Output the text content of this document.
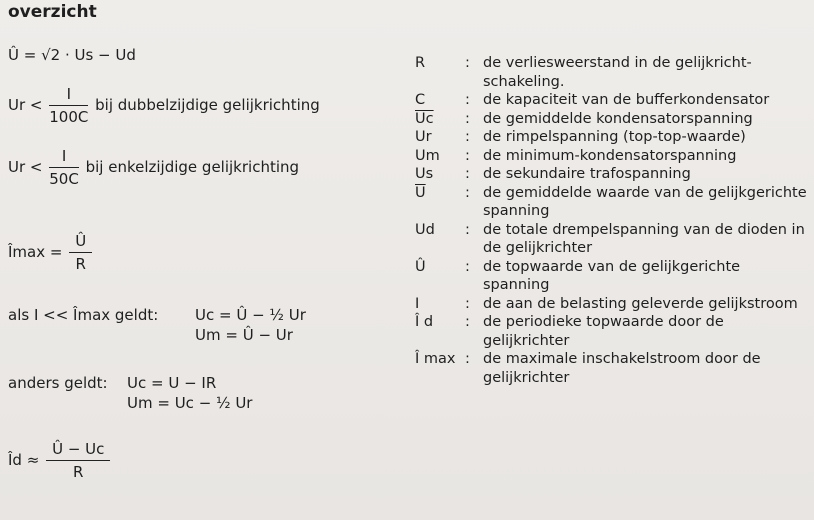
overzicht
Û = √2 · Us − Ud
$Ur < \frac{I}{100C}$ bij dubbelzijdige gelijkrichting
$Ur < \frac{I}{50C}$ bij enkelzijdige gelijkrichting
Îmax = $\frac{Û}{R}$
als I << Îmax geldt: Uc = Û − ½ Ur
Um = Û − Ur
anders geldt: Uc = U − IR
Um = Uc − ½ Ur
Îd ≈ $\frac{Û - Uc}{R}$
R	: de verliesweerstand in de gelijkricht-schakeling.
C	: de kapaciteit van de bufferkondensator
$\overline{Uc}$	: de gemiddelde kondensatorspanning
Ur	: de rimpelspanning (top-top-waarde)
Um	: de minimum-kondensatorspanning
Us	: de sekundaire trafospanning
$\overline{U}$	: de gemiddelde waarde van de gelijkgerichte spanning
Ud	: de totale drempelspanning van de dioden in de gelijkrichter
Û	: de topwaarde van de gelijkgerichte spanning
I	: de aan de belasting geleverde gelijkstroom
Î d	: de periodieke topwaarde door de gelijkrichter
Î max : de maximale inschakelstroom door de gelijkrichter
